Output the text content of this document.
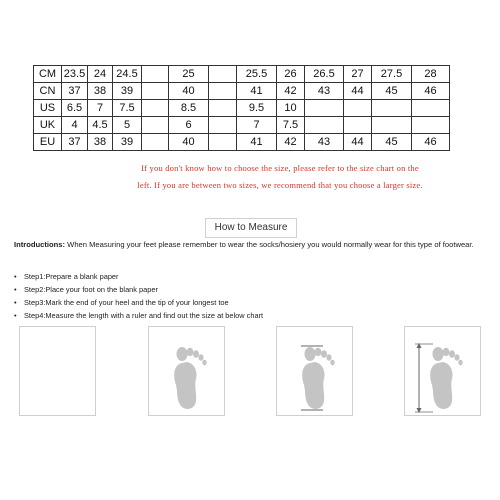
CM	23.5	24	24.5		25		25.5	26	26.5	27	27.5	28
CN	37	38	39		40		41	42	43	44	45	46
US	6.5	7	7.5		8.5		9.5	10				
UK	4	4.5	5		6		7	7.5				
EU	37	38	39		40		41	42	43	44	45	46
If you don't know how to choose the size, please refer to the size chart on the
left. If you are between two sizes, we recommend that you choose a larger size.
How to Measure
Introductions: When Measuring your feet please remember to wear the socks/hosiery you would normally wear for this type of footwear.
• Step1:Prepare a blank paper
• Step2:Place your foot on the blank paper
• Step3:Mark the end of your heel and the tip of your longest toe
• Step4:Measure the length with a ruler and find out the size at below chart
